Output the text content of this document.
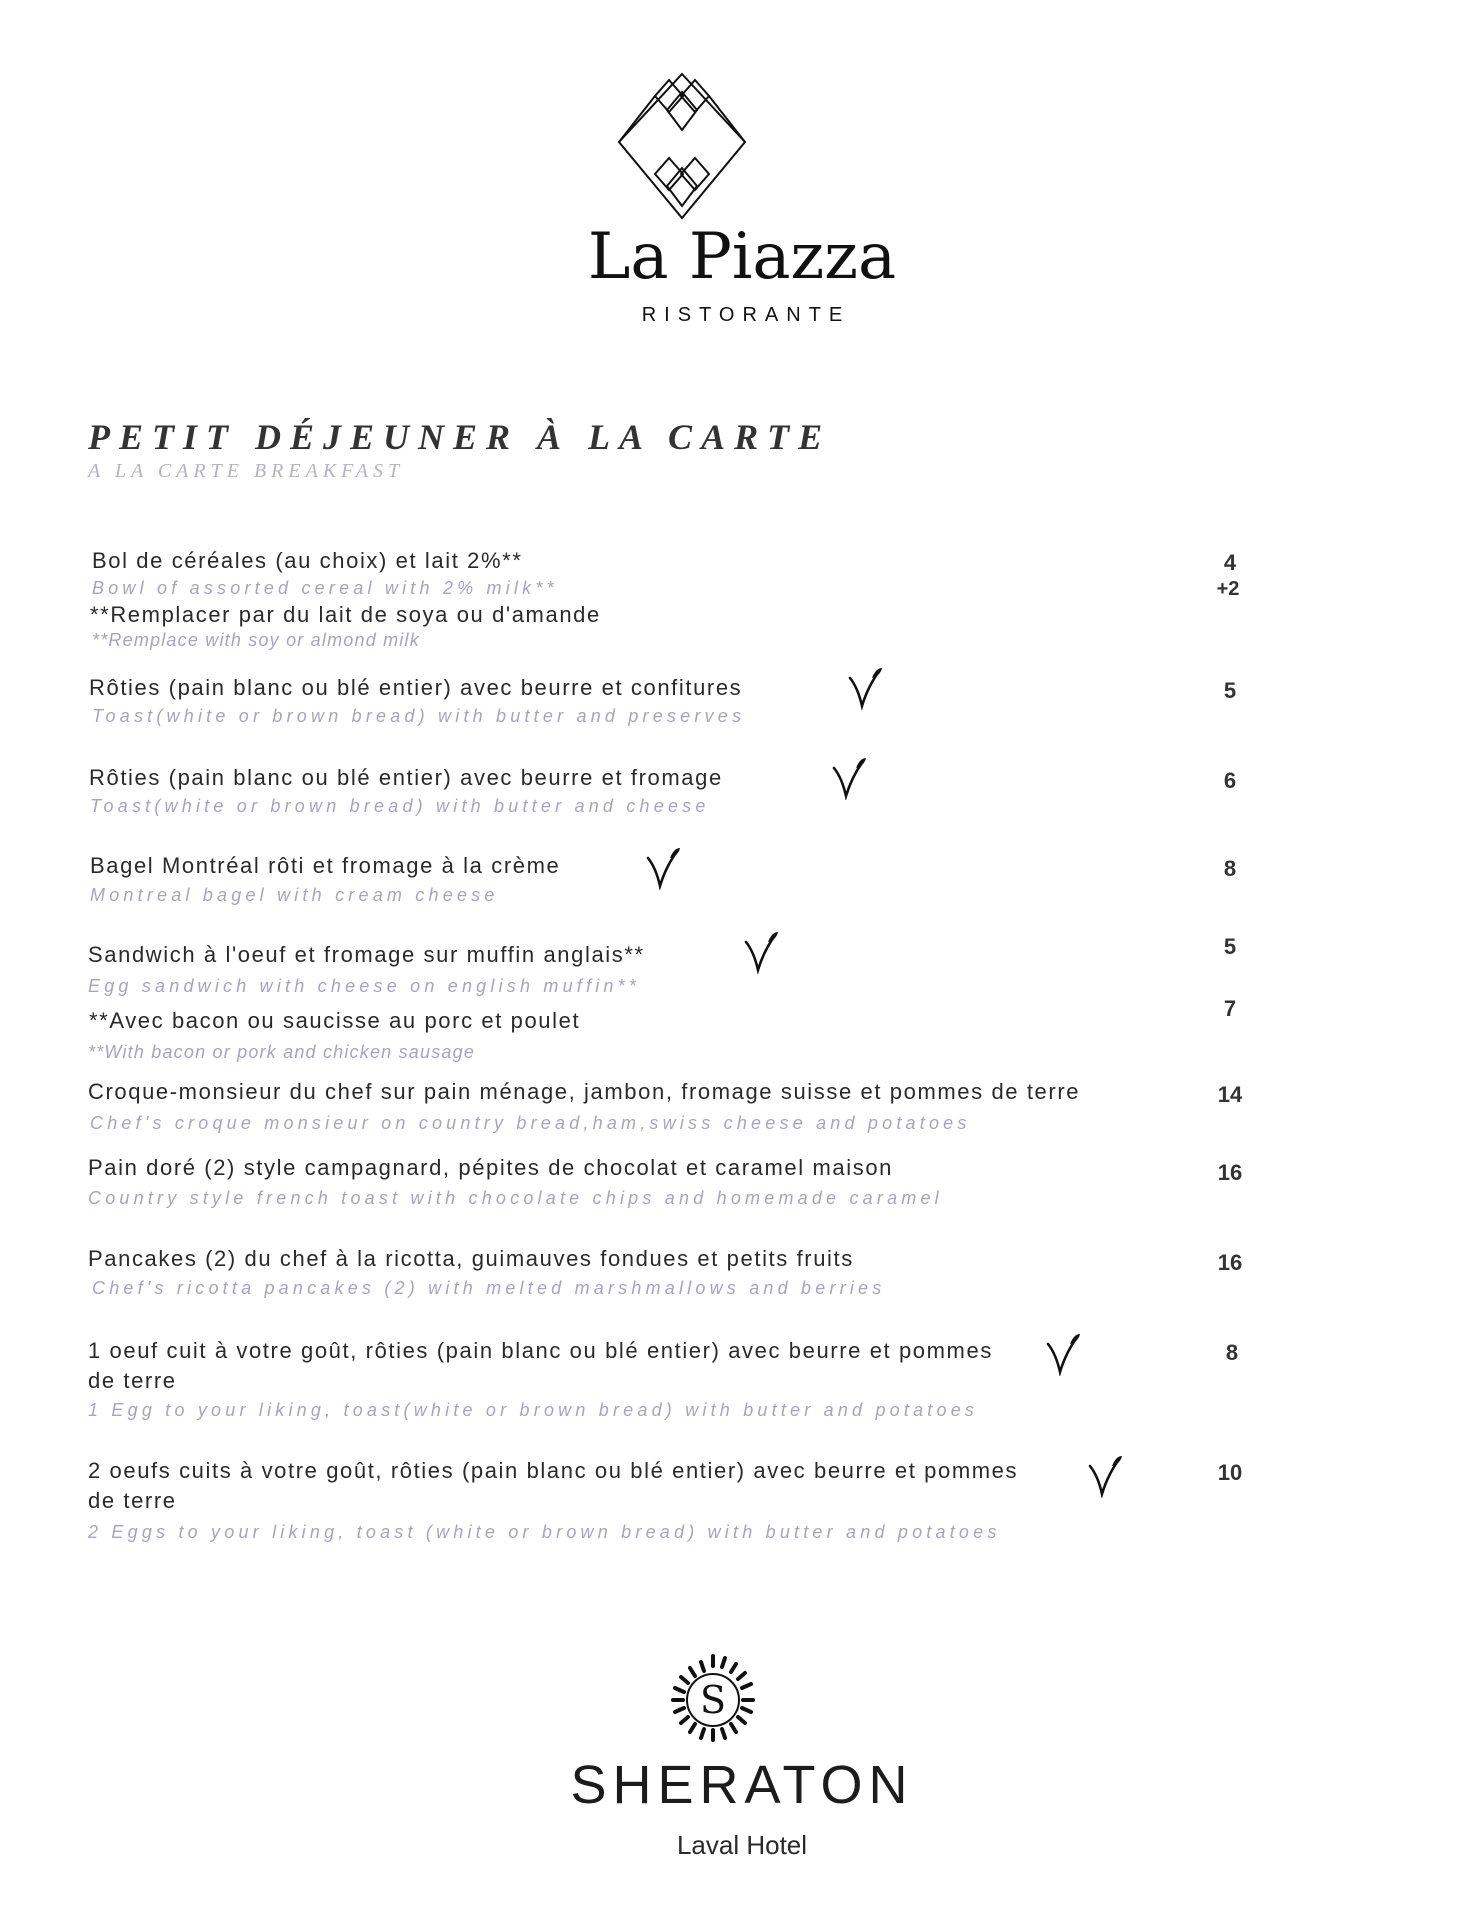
La Piazza
RISTORANTE
PETIT DÉJEUNER À LA CARTE
A LA CARTE BREAKFAST
Bol de céréales (au choix) et lait 2%**
Bowl of assorted cereal with 2% milk**
4
**Remplacer par du lait de soya ou d'amande
**Remplace with soy or almond milk
+2
Rôties (pain blanc ou blé entier) avec beurre et confitures
Toast(white or brown bread) with butter and preserves
5
Rôties (pain blanc ou blé entier) avec beurre et fromage
Toast(white or brown bread) with butter and cheese
6
Bagel Montréal rôti et fromage à la crème
Montreal bagel with cream cheese
8
Sandwich à l'oeuf et fromage sur muffin anglais**
Egg sandwich with cheese on english muffin**
5
**Avec bacon ou saucisse au porc et poulet
**With bacon or pork and chicken sausage
7
Croque-monsieur du chef sur pain ménage, jambon, fromage suisse et pommes de terre
Chef's croque monsieur on country bread,ham,swiss cheese and potatoes
14
Pain doré (2) style campagnard, pépites de chocolat et caramel maison
Country style french toast with chocolate chips and homemade caramel
16
Pancakes (2) du chef à la ricotta, guimauves fondues et petits fruits
Chef's ricotta pancakes (2) with melted marshmallows and berries
16
1 oeuf cuit à votre goût, rôties (pain blanc ou blé entier) avec beurre et pommes
de terre
1 Egg to your liking, toast(white or brown bread) with butter and potatoes
8
2 oeufs cuits à votre goût, rôties (pain blanc ou blé entier) avec beurre et pommes
de terre
2 Eggs to your liking, toast (white or brown bread) with butter and potatoes
10
S
SHERATON
Laval Hotel
